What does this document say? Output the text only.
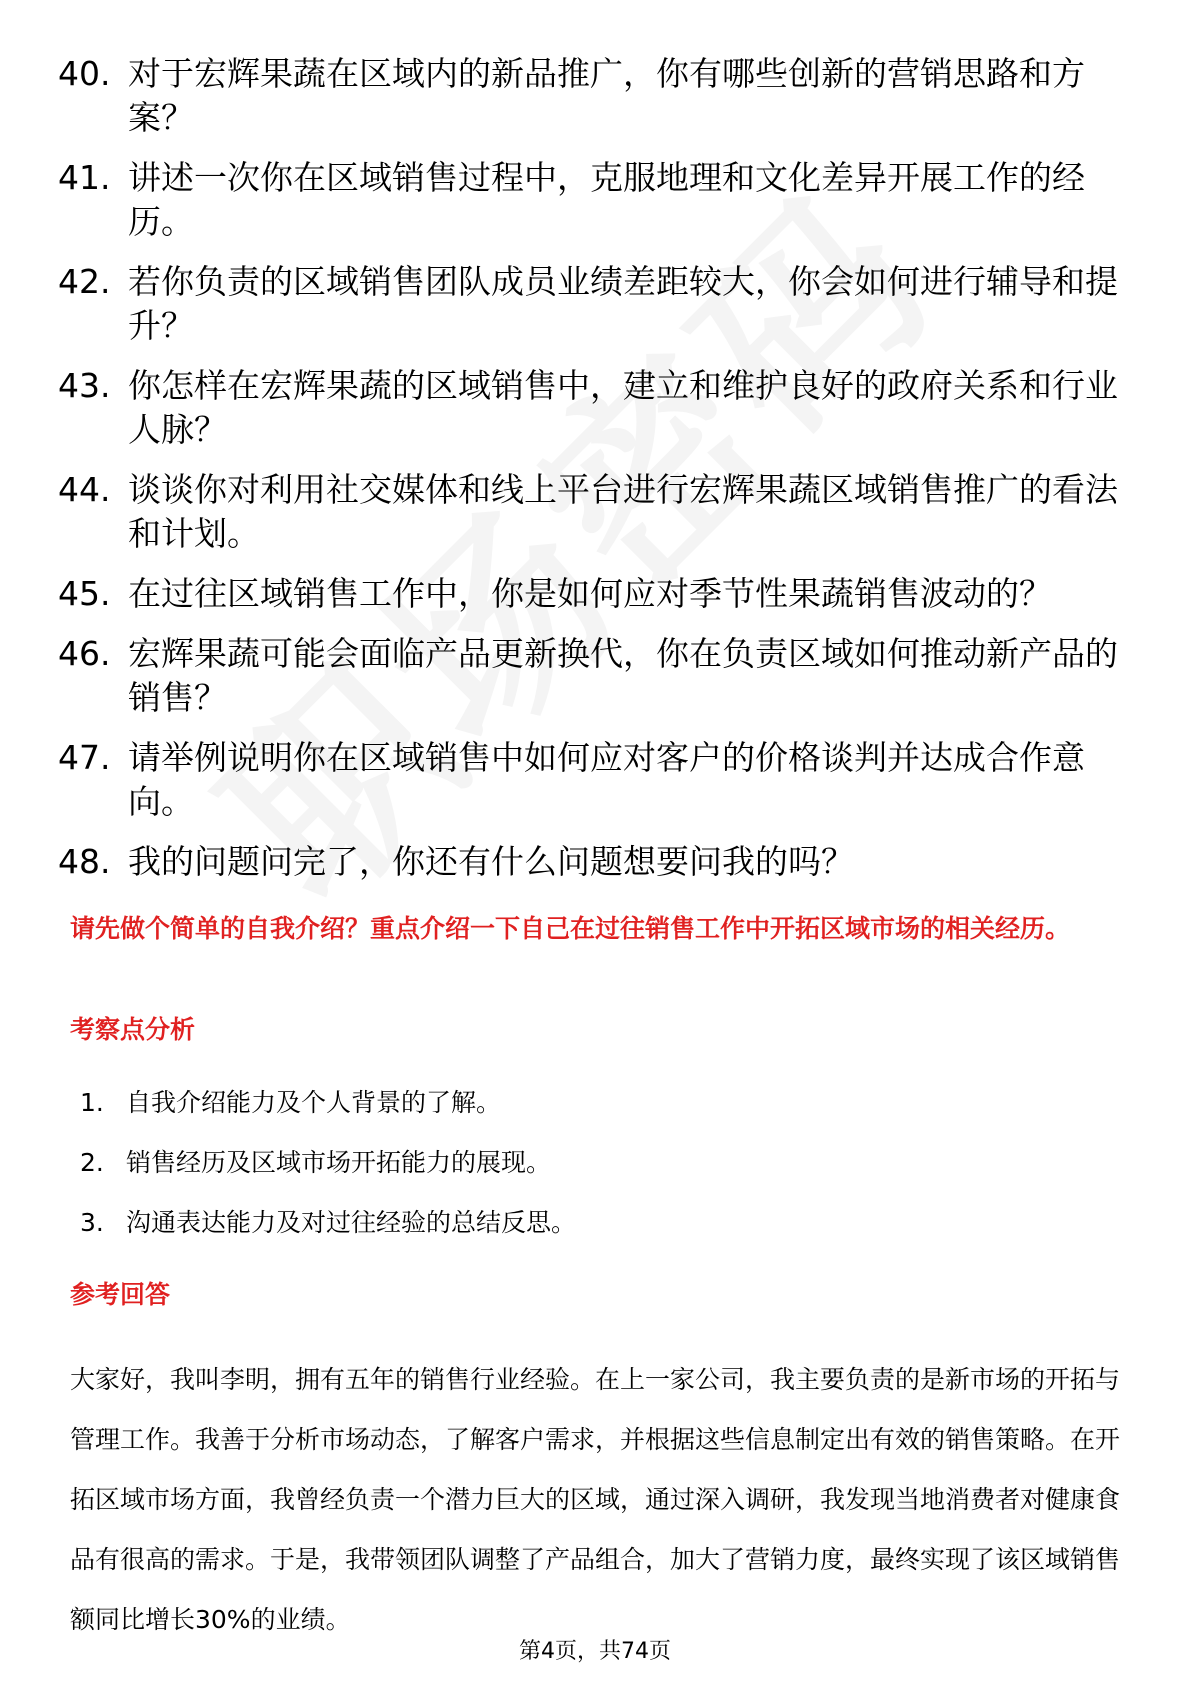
40. 对于宏辉果蔬在区域内的新品推广，你有哪些创新的营销思路和方案？
41. 讲述一次你在区域销售过程中，克服地理和文化差异开展工作的经历。
42. 若你负责的区域销售团队成员业绩差距较大，你会如何进行辅导和提升？
43. 你怎样在宏辉果蔬的区域销售中，建立和维护良好的政府关系和行业人脉？
44. 谈谈你对利用社交媒体和线上平台进行宏辉果蔬区域销售推广的看法和计划。
45. 在过往区域销售工作中，你是如何应对季节性果蔬销售波动的？
46. 宏辉果蔬可能会面临产品更新换代，你在负责区域如何推动新产品的销售？
47. 请举例说明你在区域销售中如何应对客户的价格谈判并达成合作意向。
48. 我的问题问完了，你还有什么问题想要问我的吗？
请先做个简单的自我介绍？重点介绍一下自己在过往销售工作中开拓区域市场的相关经历。
考察点分析
1. 自我介绍能力及个人背景的了解。
2. 销售经历及区域市场开拓能力的展现。
3. 沟通表达能力及对过往经验的总结反思。
参考回答

大家好，我叫李明，拥有五年的销售行业经验。在上一家公司，我主要负责的是新市场的开拓与管理工作。我善于分析市场动态，了解客户需求，并根据这些信息制定出有效的销售策略。在开拓区域市场方面，我曾经负责一个潜力巨大的区域，通过深入调研，我发现当地消费者对健康食品有很高的需求。于是，我带领团队调整了产品组合，加大了营销力度，最终实现了该区域销售额同比增长30%的业绩。

第4页，共74页
